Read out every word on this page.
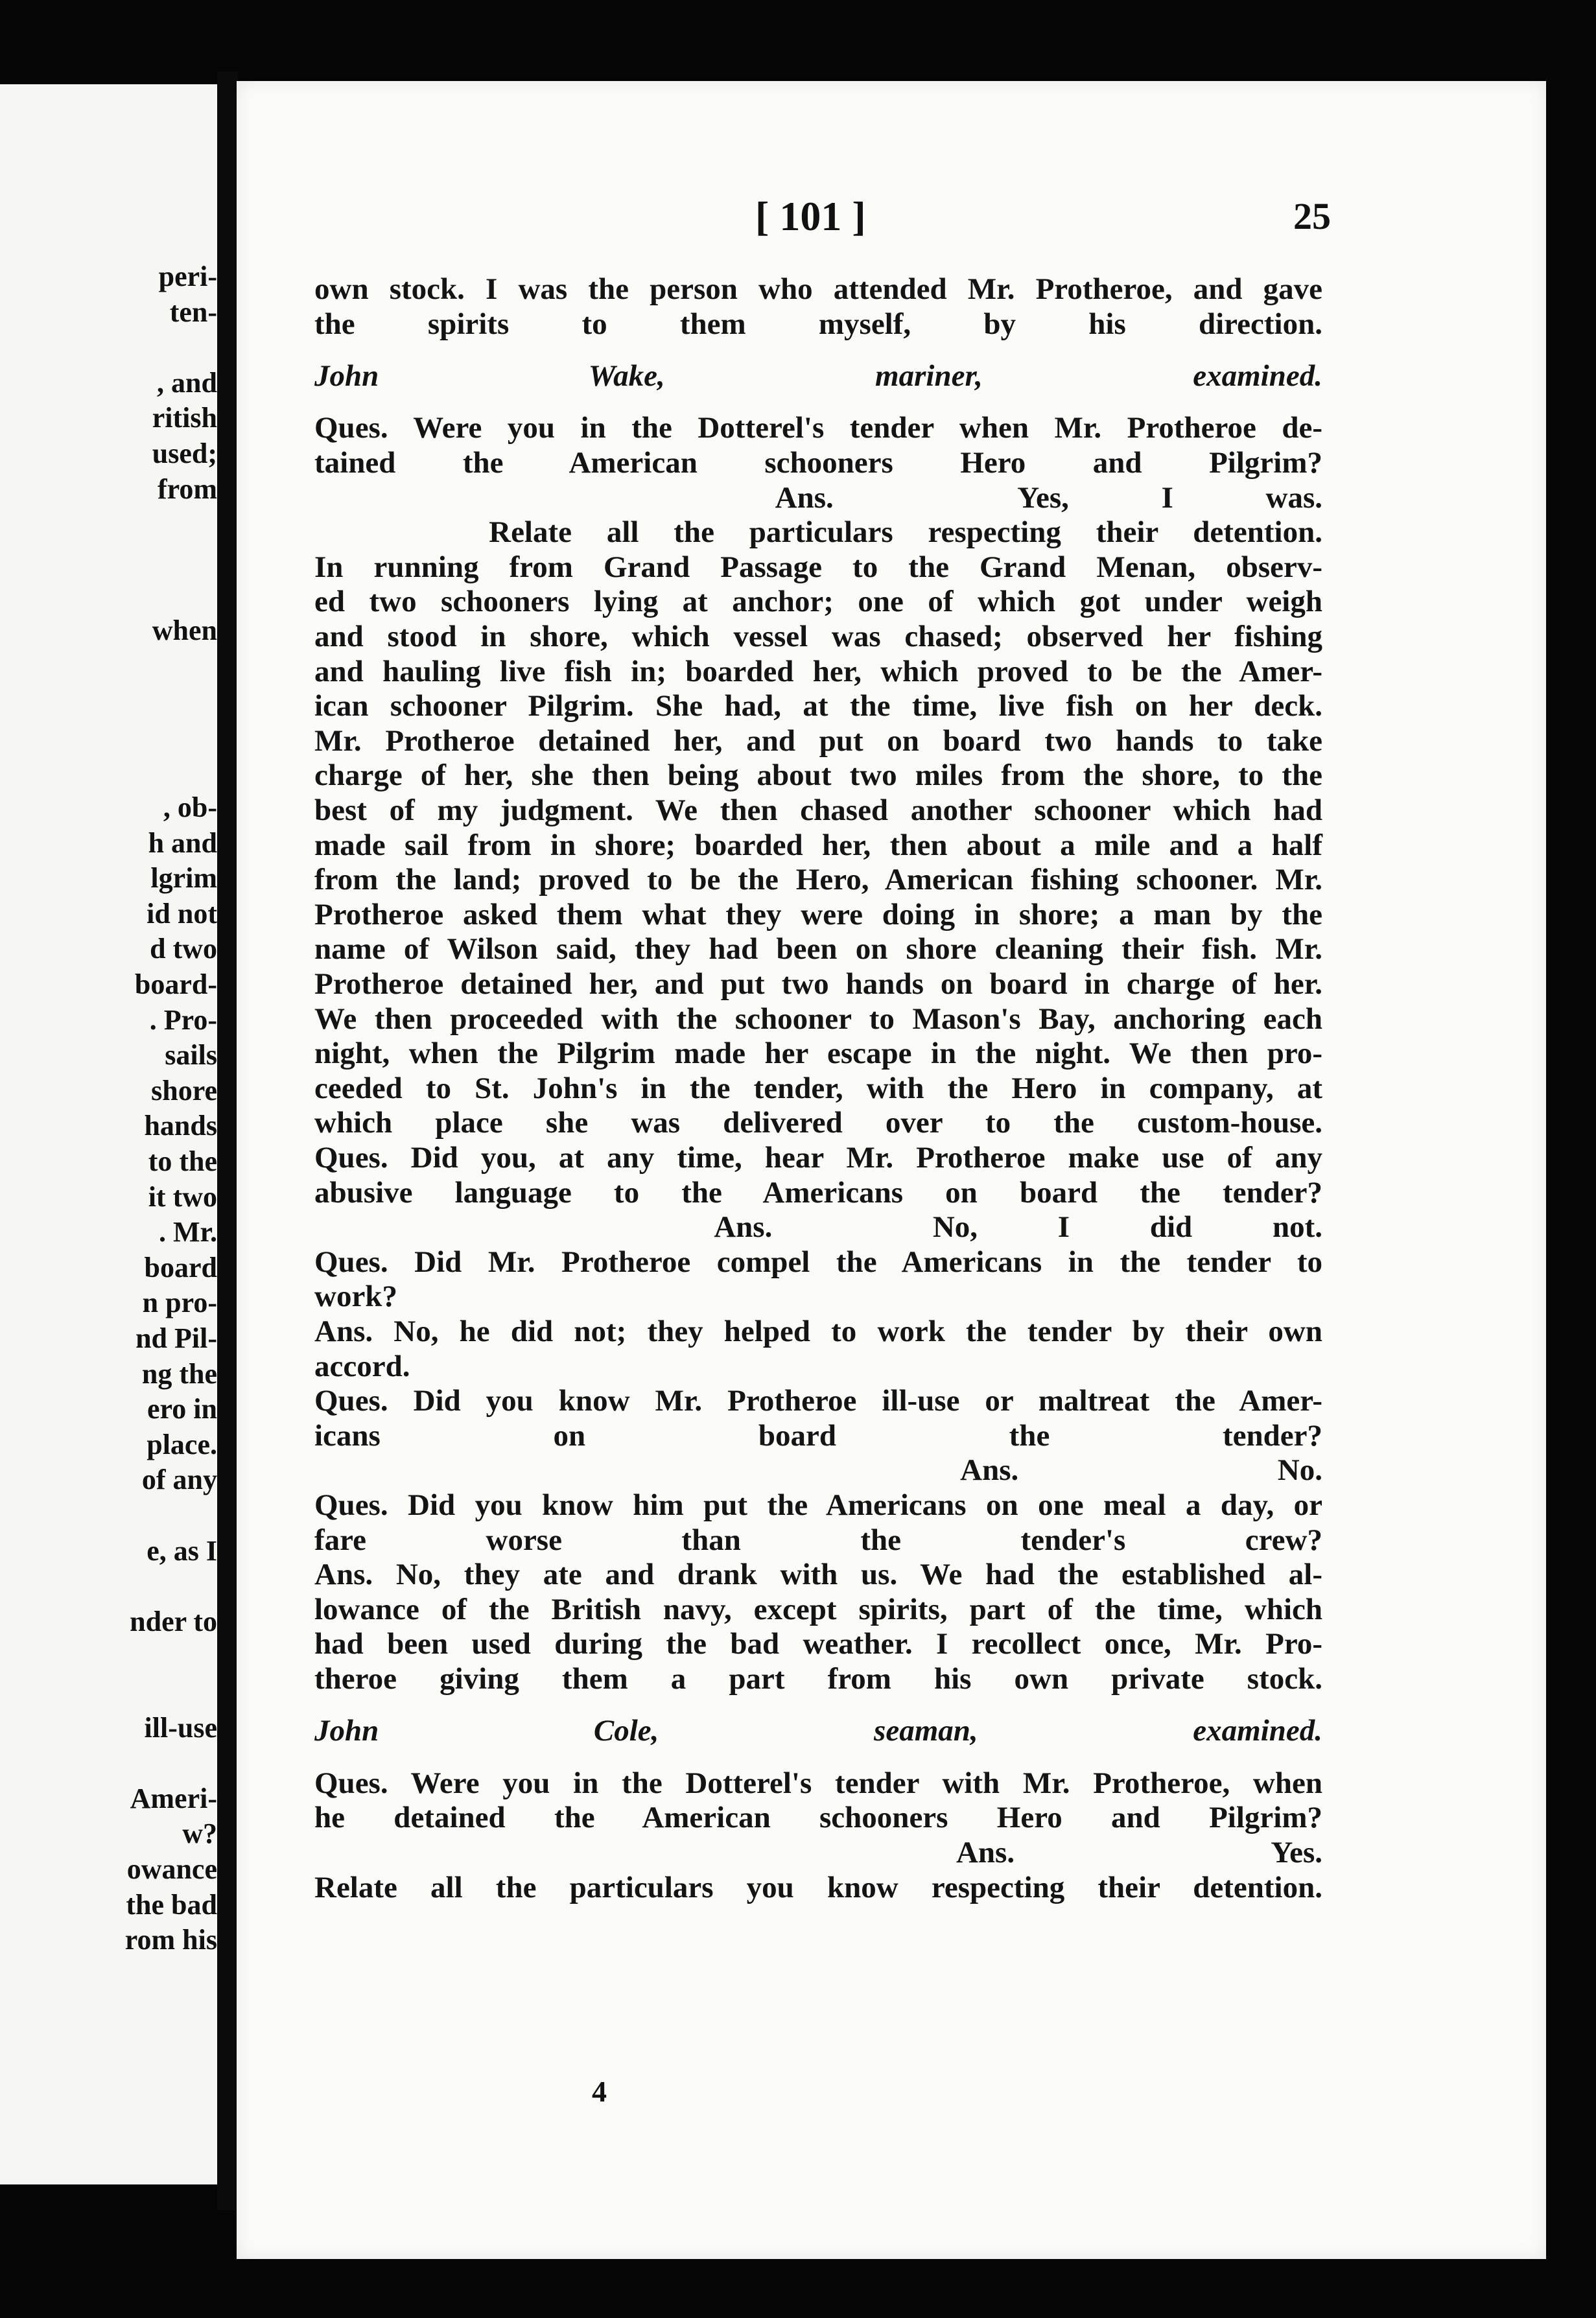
peri-
ten-
, and
ritish
used;
from
when
, ob-
h and
lgrim
id not
d two
board-
. Pro-
sails
shore
hands
to the
it two
. Mr.
board
n pro-
nd Pil-
ng the
ero in
place.
of any
e, as I
nder to
ill-use
Ameri-
w?
owance
the bad
rom his
[ 101 ]	25
own stock. I was the person who attended Mr. Protheroe, and gave
the spirits to them myself, by his direction.
Ques. Were you in the Dotterel's tender when Mr. Protheroe de-
tained the American schooners Hero and Pilgrim?
Ans.  Yes, I was.
Relate all the particulars respecting their detention.
In running from Grand Passage to the Grand Menan, observ-
ed two schooners lying at anchor; one of which got under weigh
and stood in shore, which vessel was chased; observed her fishing
and hauling live fish in; boarded her, which proved to be the Amer-
ican schooner Pilgrim. She had, at the time, live fish on her deck.
Mr. Protheroe detained her, and put on board two hands to take
charge of her, she then being about two miles from the shore, to the
best of my judgment. We then chased another schooner which had
made sail from in shore; boarded her, then about a mile and a half
from the land; proved to be the Hero, American fishing schooner. Mr.
Protheroe asked them what they were doing in shore; a man by the
name of Wilson said, they had been on shore cleaning their fish. Mr.
Protheroe detained her, and put two hands on board in charge of her.
We then proceeded with the schooner to Mason's Bay, anchoring each
night, when the Pilgrim made her escape in the night. We then pro-
ceeded to St. John's in the tender, with the Hero in company, at
which place she was delivered over to the custom-house.
Ques. Did you, at any time, hear Mr. Protheroe make use of any
abusive language to the Americans on board the tender?
Ans.  No, I did not.
Ques. Did Mr. Protheroe compel the Americans in the tender to
work?
Ans. No, he did not; they helped to work the tender by their own
accord.
Ques. Did you know Mr. Protheroe ill-use or maltreat the Amer-
icans on board the tender?
Ans.  No.
Ques. Did you know him put the Americans on one meal a day, or
fare worse than the tender's crew?
Ans. No, they ate and drank with us. We had the established al-
lowance of the British navy, except spirits, part of the time, which
had been used during the bad weather. I recollect once, Mr. Pro-
theroe giving them a part from his own private stock.
Ques. Were you in the Dotterel's tender with Mr. Protheroe, when
he detained the American schooners Hero and Pilgrim?
Ans.  Yes.
Relate all the particulars you know respecting their detention.
John Wake, mariner, examined.
John Cole, seaman, examined.
4
